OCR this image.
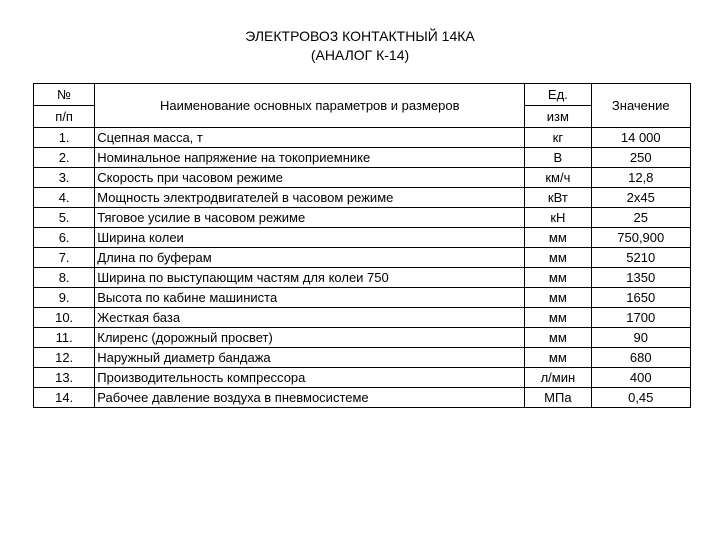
ЭЛЕКТРОВОЗ КОНТАКТНЫЙ 14КА
(АНАЛОГ К-14)
№	Наименование основных параметров и размеров	Ед.	Значение
п/п		изм	
1.	Сцепная масса, т	кг	14 000
2.	Номинальное напряжение на токоприемнике	В	250
3.	Скорость при часовом режиме	км/ч	12,8
4.	Мощность электродвигателей в часовом режиме	кВт	2х45
5.	Тяговое усилие в часовом режиме	кН	25
6.	Ширина колеи	мм	750,900
7.	Длина по буферам	мм	5210
8.	Ширина по выступающим частям для колеи 750	мм	1350
9.	Высота по кабине машиниста	мм	1650
10.	Жесткая база	мм	1700
11.	Клиренс (дорожный просвет)	мм	90
12.	Наружный диаметр бандажа	мм	680
13.	Производительность компрессора	л/мин	400
14.	Рабочее давление воздуха в пневмосистеме	МПа	0,45
